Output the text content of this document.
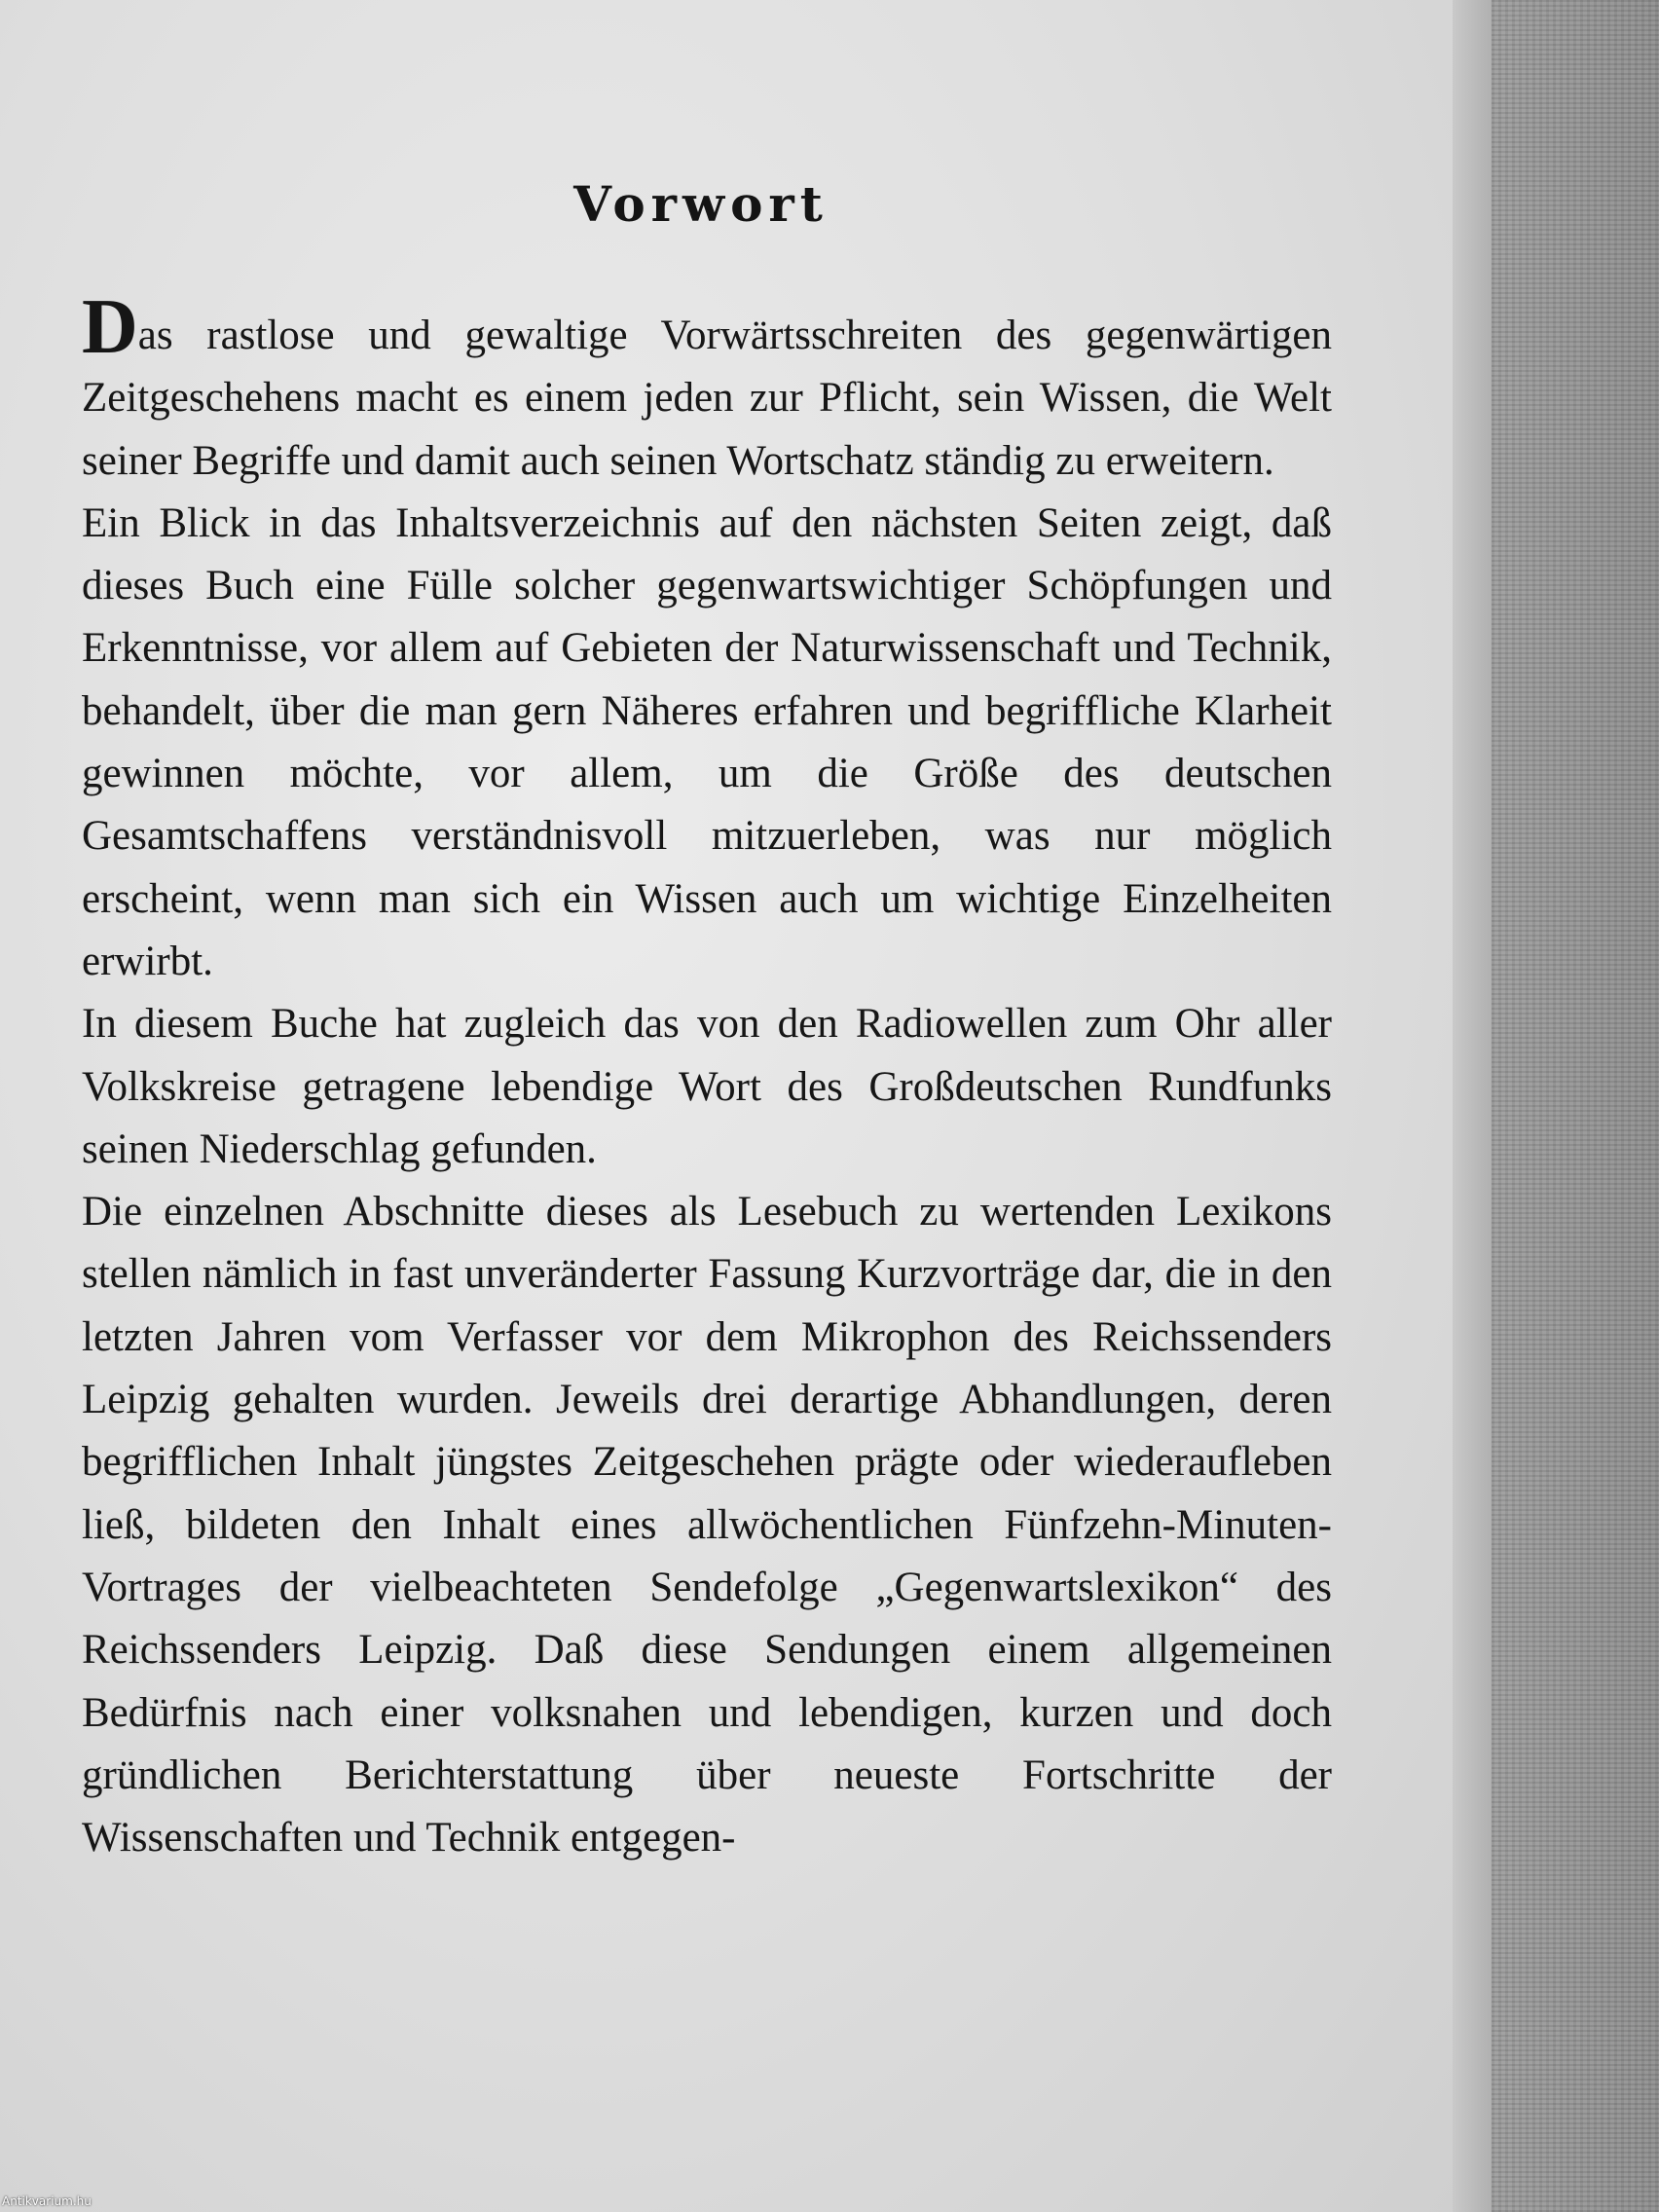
Vorwort

Das rastlose und gewaltige Vorwärtsschreiten des gegenwärtigen Zeitgeschehens macht es einem jeden zur Pflicht, sein Wissen, die Welt seiner Begriffe und damit auch seinen Wortschatz ständig zu erweitern.

Ein Blick in das Inhaltsverzeichnis auf den nächsten Seiten zeigt, daß dieses Buch eine Fülle solcher gegenwartswichtiger Schöpfungen und Erkenntnisse, vor allem auf Gebieten der Naturwissenschaft und Technik, behandelt, über die man gern Näheres erfahren und begriffliche Klarheit gewinnen möchte, vor allem, um die Größe des deutschen Gesamtschaffens verständnisvoll mitzuerleben, was nur möglich erscheint, wenn man sich ein Wissen auch um wichtige Einzelheiten erwirbt.

In diesem Buche hat zugleich das von den Radiowellen zum Ohr aller Volkskreise getragene lebendige Wort des Großdeutschen Rundfunks seinen Niederschlag gefunden.

Die einzelnen Abschnitte dieses als Lesebuch zu wertenden Lexikons stellen nämlich in fast unveränderter Fassung Kurzvorträge dar, die in den letzten Jahren vom Verfasser vor dem Mikrophon des Reichssenders Leipzig gehalten wurden. Jeweils drei derartige Abhandlungen, deren begrifflichen Inhalt jüngstes Zeitgeschehen prägte oder wiederaufleben ließ, bildeten den Inhalt eines allwöchentlichen Fünfzehn-Minuten-Vortrages der vielbeachteten Sendefolge „Gegenwartslexikon“ des Reichssenders Leipzig. Daß diese Sendungen einem allgemeinen Bedürfnis nach einer volksnahen und lebendigen, kurzen und doch gründlichen Berichterstattung über neueste Fortschritte der Wissenschaften und Technik entgegen-

Antikvarium.hu
